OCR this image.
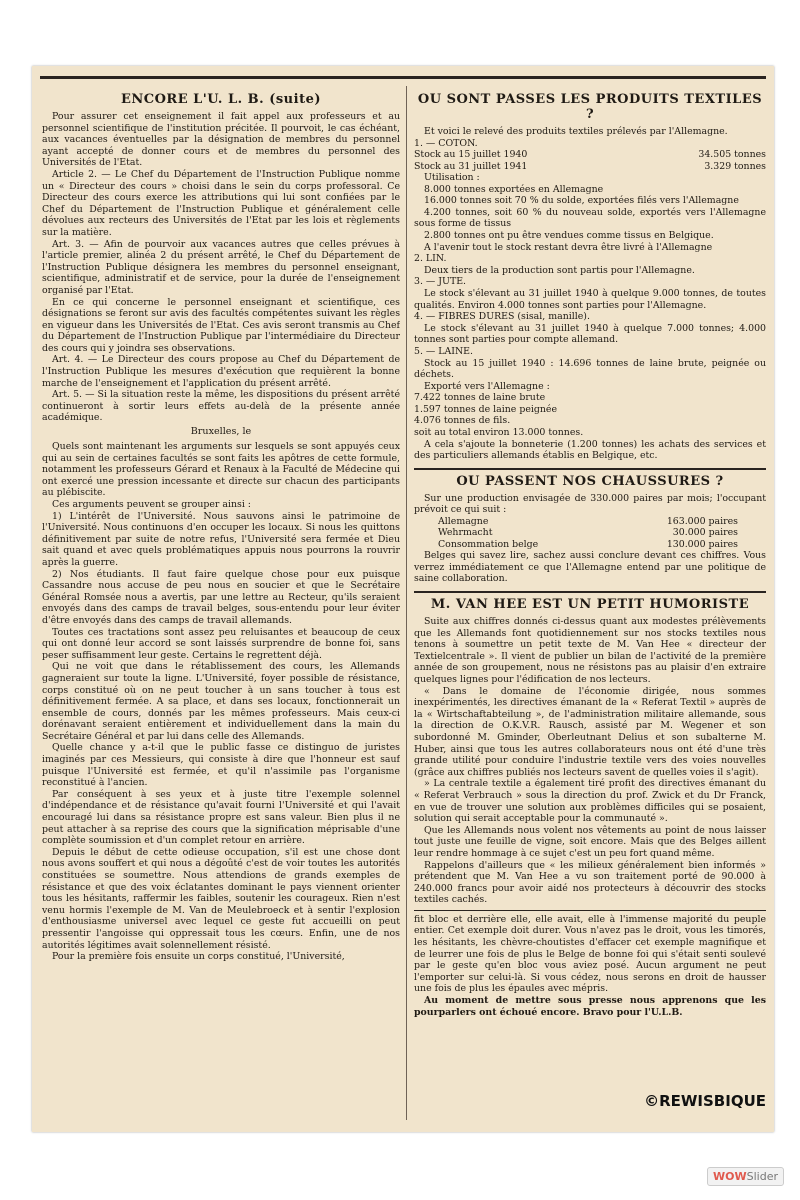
ENCORE L'U. L. B. (suite)

Pour assurer cet enseignement il fait appel aux professeurs et au personnel scientifique de l'institution précitée. Il pourvoit, le cas échéant, aux vacances éventuelles par la désignation de membres du personnel ayant accepté de donner cours et de membres du personnel des Universités de l'Etat.

Article 2. — Le Chef du Département de l'Instruction Publique nomme un « Directeur des cours » choisi dans le sein du corps professoral. Ce Directeur des cours exerce les attributions qui lui sont confiées par le Chef du Département de l'Instruction Publique et généralement celle dévolues aux recteurs des Universités de l'Etat par les lois et règlements sur la matière.

Art. 3. — Afin de pourvoir aux vacances autres que celles prévues à l'article premier, alinéa 2 du présent arrêté, le Chef du Département de l'Instruction Publique désignera les membres du personnel enseignant, scientifique, administratif et de service, pour la durée de l'enseignement organisé par l'Etat.

En ce qui concerne le personnel enseignant et scientifique, ces désignations se feront sur avis des facultés compétentes suivant les règles en vigueur dans les Universités de l'Etat. Ces avis seront transmis au Chef du Département de l'Instruction Publique par l'intermédiaire du Directeur des cours qui y joindra ses observations.

Art. 4. — Le Directeur des cours propose au Chef du Département de l'Instruction Publique les mesures d'exécution que requièrent la bonne marche de l'enseignement et l'application du présent arrêté.

Art. 5. — Si la situation reste la même, les dispositions du présent arrêté continueront à sortir leurs effets au-delà de la présente année académique.

Bruxelles, le

Quels sont maintenant les arguments sur lesquels se sont appuyés ceux qui au sein de certaines facultés se sont faits les apôtres de cette formule, notamment les professeurs Gérard et Renaux à la Faculté de Médecine qui ont exercé une pression incessante et directe sur chacun des participants au plébiscite.

Ces arguments peuvent se grouper ainsi :

1) L'intérêt de l'Université. Nous sauvons ainsi le patrimoine de l'Université. Nous continuons d'en occuper les locaux. Si nous les quittons définitivement par suite de notre refus, l'Université sera fermée et Dieu sait quand et avec quels problématiques appuis nous pourrons la rouvrir après la guerre.

2) Nos étudiants. Il faut faire quelque chose pour eux puisque Cassandre nous accuse de peu nous en soucier et que le Secrétaire Général Romsée nous a avertis, par une lettre au Recteur, qu'ils seraient envoyés dans des camps de travail belges, sous-entendu pour leur éviter d'être envoyés dans des camps de travail allemands.

Toutes ces tractations sont assez peu reluisantes et beaucoup de ceux qui ont donné leur accord se sont laissés surprendre de bonne foi, sans peser suffisamment leur geste. Certains le regrettent déjà.

Qui ne voit que dans le rétablissement des cours, les Allemands gagneraient sur toute la ligne. L'Université, foyer possible de résistance, corps constitué où on ne peut toucher à un sans toucher à tous est définitivement fermée. A sa place, et dans ses locaux, fonctionnerait un ensemble de cours, donnés par les mêmes professeurs. Mais ceux-ci dorénavant seraient entièrement et individuellement dans la main du Secrétaire Général et par lui dans celle des Allemands.

Quelle chance y a-t-il que le public fasse ce distinguo de juristes imaginés par ces Messieurs, qui consiste à dire que l'honneur est sauf puisque l'Université est fermée, et qu'il n'assimile pas l'organisme reconstitué à l'ancien.

Par conséquent à ses yeux et à juste titre l'exemple solennel d'indépendance et de résistance qu'avait fourni l'Université et qui l'avait encouragé lui dans sa résistance propre est sans valeur. Bien plus il ne peut attacher à sa reprise des cours que la signification méprisable d'une complète soumission et d'un complet retour en arrière.

Depuis le début de cette odieuse occupation, s'il est une chose dont nous avons souffert et qui nous a dégoûté c'est de voir toutes les autorités constituées se soumettre. Nous attendions de grands exemples de résistance et que des voix éclatantes dominant le pays viennent orienter tous les hésitants, raffermir les faibles, soutenir les courageux. Rien n'est venu hormis l'exemple de M. Van de Meulebroeck et à sentir l'explosion d'enthousiasme universel avec lequel ce geste fut accueilli on peut pressentir l'angoisse qui oppressait tous les cœurs. Enfin, une de nos autorités légitimes avait solennellement résisté.

Pour la première fois ensuite un corps constitué, l'Université,

OU SONT PASSES LES PRODUITS TEXTILES ?

Et voici le relevé des produits textiles prélevés par l'Allemagne.

1. — COTON.

Stock au 15 juillet 1940	34.505 tonnes
Stock au 31 juillet 1941	3.329 tonnes

Utilisation :

8.000 tonnes exportées en Allemagne

16.000 tonnes soit 70 % du solde, exportées filés vers l'Allemagne

4.200 tonnes, soit 60 % du nouveau solde, exportés vers l'Allemagne sous forme de tissus

2.800 tonnes ont pu être vendues comme tissus en Belgique.

A l'avenir tout le stock restant devra être livré à l'Allemagne

2. LIN.

Deux tiers de la production sont partis pour l'Allemagne.

3. — JUTE.

Le stock s'élevant au 31 juillet 1940 à quelque 9.000 tonnes, de toutes qualités. Environ 4.000 tonnes sont parties pour l'Allemagne.

4. — FIBRES DURES (sisal, manille).

Le stock s'élevant au 31 juillet 1940 à quelque 7.000 tonnes; 4.000 tonnes sont parties pour compte allemand.

5. — LAINE.

Stock au 15 juillet 1940 : 14.696 tonnes de laine brute, peignée ou déchets.

Exporté vers l'Allemagne :

7.422 tonnes de laine brute

1.597 tonnes de laine peignée

4.076 tonnes de fils.

soit au total environ 13.000 tonnes.

A cela s'ajoute la bonneterie (1.200 tonnes) les achats des services et des particuliers allemands établis en Belgique, etc.

OU PASSENT NOS CHAUSSURES ?

Sur une production envisagée de 330.000 paires par mois; l'occupant prévoit ce qui suit :

Allemagne	163.000 paires
Wehrmacht	30.000 paires
Consommation belge	130.000 paires

Belges qui savez lire, sachez aussi conclure devant ces chiffres. Vous verrez immédiatement ce que l'Allemagne entend par une politique de saine collaboration.

M. VAN HEE EST UN PETIT HUMORISTE

Suite aux chiffres donnés ci-dessus quant aux modestes prélèvements que les Allemands font quotidiennement sur nos stocks textiles nous tenons à soumettre un petit texte de M. Van Hee « directeur der Textielcentrale ». Il vient de publier un bilan de l'activité de la première année de son groupement, nous ne résistons pas au plaisir d'en extraire quelques lignes pour l'édification de nos lecteurs.

« Dans le domaine de l'économie dirigée, nous sommes inexpérimentés, les directives émanant de la « Referat Textil » auprès de la « Wirtschaftabteilung », de l'administration militaire allemande, sous la direction de O.K.V.R. Rausch, assisté par M. Wegener et son subordonné M. Gminder, Oberleutnant Delius et son subalterne M. Huber, ainsi que tous les autres collaborateurs nous ont été d'une très grande utilité pour conduire l'industrie textile vers des voies nouvelles (grâce aux chiffres publiés nos lecteurs savent de quelles voies il s'agit).

» La centrale textile a également tiré profit des directives émanant du « Referat Verbrauch » sous la direction du prof. Zwick et du Dr Franck, en vue de trouver une solution aux problèmes difficiles qui se posaient, solution qui serait acceptable pour la communauté ».

Que les Allemands nous volent nos vêtements au point de nous laisser tout juste une feuille de vigne, soit encore. Mais que des Belges aillent leur rendre hommage à ce sujet c'est un peu fort quand même.

Rappelons d'ailleurs que « les milieux généralement bien informés » prétendent que M. Van Hee a vu son traitement porté de 90.000 à 240.000 francs pour avoir aidé nos protecteurs à découvrir des stocks textiles cachés.

fit bloc et derrière elle, elle avait, elle à l'immense majorité du peuple entier. Cet exemple doit durer. Vous n'avez pas le droit, vous les timorés, les hésitants, les chèvre-choutistes d'effacer cet exemple magnifique et de leurrer une fois de plus le Belge de bonne foi qui s'était senti soulevé par le geste qu'en bloc vous aviez posé. Aucun argument ne peut l'emporter sur celui-là. Si vous cédez, nous serons en droit de hausser une fois de plus les épaules avec mépris.

Au moment de mettre sous presse nous apprenons que les pourparlers ont échoué encore. Bravo pour l'U.L.B.

©REWISBIQUE
WOWSlider
